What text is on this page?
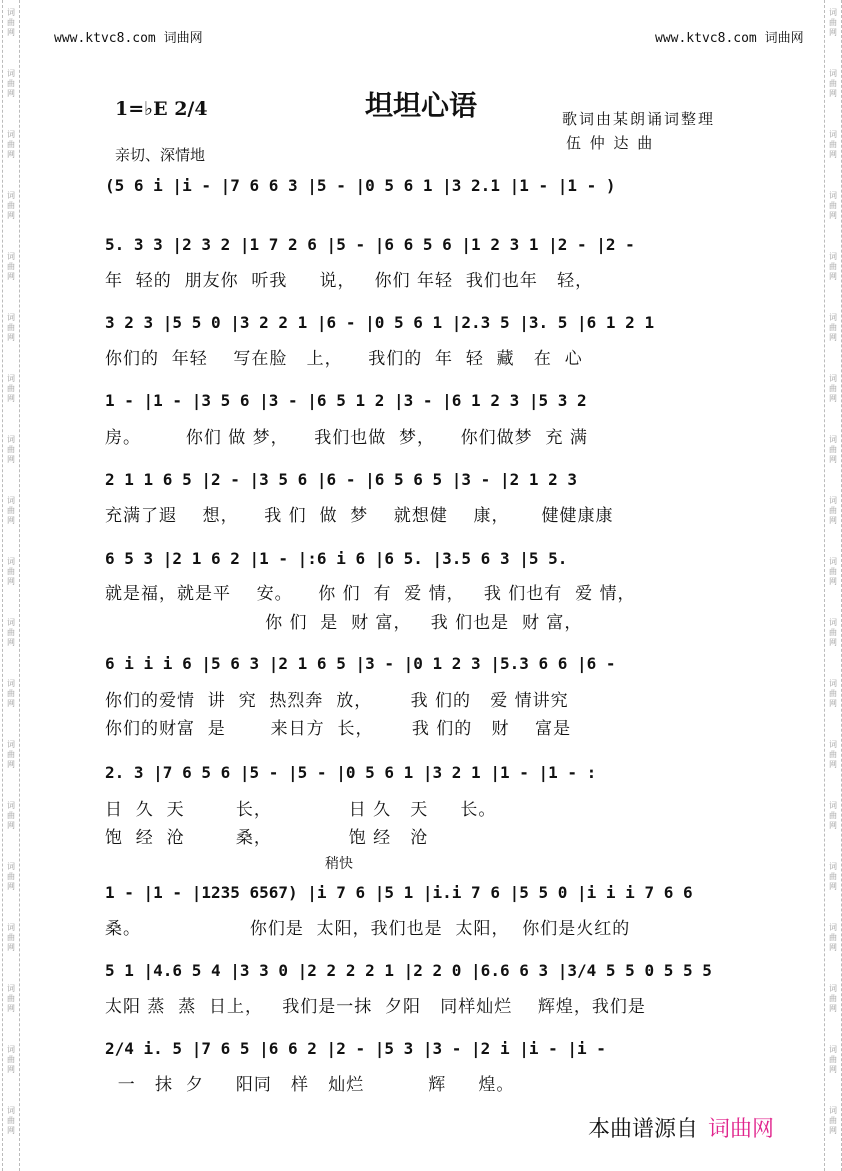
词
曲
网
词
曲
网
词
曲
网
词
曲
网
词
曲
网
词
曲
网
词
曲
网
词
曲
网
词
曲
网
词
曲
网
词
曲
网
词
曲
网
词
曲
网
词
曲
网
词
曲
网
词
曲
网
词
曲
网
词
曲
网
词
曲
网
词
曲
网
词
曲
网
词
曲
网
词
曲
网
词
曲
网
词
曲
网
词
曲
网
词
曲
网
词
曲
网
词
曲
网
词
曲
网
词
曲
网
词
曲
网
词
曲
网
词
曲
网
词
曲
网
词
曲
网
词
曲
网
词
曲
网
www.ktvc8.com 词曲网	www.ktvc8.com 词曲网
坦坦心语
1=♭E 2/4	歌词由某朗诵词整理
伍 仲 达 曲
亲切、深情地
稍快
(5 6 i |i - |7 6 6 3 |5 - |0 5 6 1 |3 2.1 |1 - |1 - )
5. 3 3 |2 3 2 |1 7 2 6 |5 - |6 6 5 6 |1 2 3 1 |2 - |2 -
年  轻的  朋友你  听我     说，   你们 年轻  我们也年   轻，
3 2 3 |5 5 0 |3 2 2 1 |6 - |0 5 6 1 |2.3 5 |3. 5 |6 1 2 1
你们的  年轻    写在脸   上，    我们的  年  轻  藏   在  心
1 - |1 - |3 5 6 |3 - |6 5 1 2 |3 - |6 1 2 3 |5 3 2
房。       你们 做 梦，    我们也做  梦，    你们做梦  充 满
2 1 1 6 5 |2 - |3 5 6 |6 - |6 5 6 5 |3 - |2 1 2 3
充满了遐    想，    我 们  做  梦    就想健    康，     健健康康
6 5 3 |2 1 6 2 |1 - |:6 i 6 |6 5. |3.5 6 3 |5 5.
就是福，就是平    安。    你 们  有  爱 情，   我 们也有  爱 情，
你 们  是  财 富，   我 们也是  财 富，
6 i i i 6 |5 6 3 |2 1 6 5 |3 - |0 1 2 3 |5.3 6 6 |6 -
你们的爱情  讲  究  热烈奔  放，      我 们的   爱 情讲究
你们的财富  是       来日方  长，      我 们的   财    富是
2. 3 |7 6 5 6 |5 - |5 - |0 5 6 1 |3 2 1 |1 - |1 - :
日  久  天        长，            日 久   天     长。
饱  经  沧        桑，            饱 经   沧
1 - |1 - |1235 6567) |i 7 6 |5 1 |i.i 7 6 |5 5 0 |i i i 7 6 6
桑。                 你们是  太阳，我们也是  太阳，  你们是火红的
5 1 |4.6 5 4 |3 3 0 |2 2 2 2 1 |2 2 0 |6.6 6 3 |3/4 5 5 0 5 5 5
太阳 蒸  蒸  日上，   我们是一抹  夕阳   同样灿烂    辉煌，我们是
2/4 i. 5 |7 6 5 |6 6 2 |2 - |5 3 |3 - |2 i |i - |i -
一   抹  夕     阳同   样   灿烂          辉     煌。
本曲谱源自 词曲网
